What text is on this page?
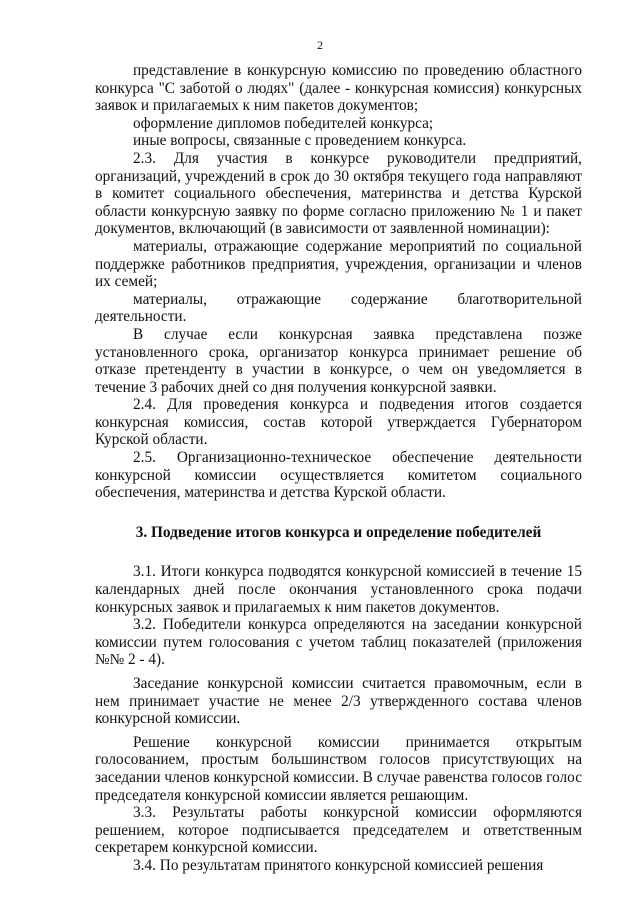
2

представление в конкурсную комиссию по проведению областного конкурса "С заботой о людях" (далее - конкурсная комиссия) конкурсных заявок и прилагаемых к ним пакетов документов;

оформление дипломов победителей конкурса;

иные вопросы, связанные с проведением конкурса.

2.3. Для участия в конкурсе руководители предприятий, организаций, учреждений в срок до 30 октября текущего года направляют в комитет социального обеспечения, материнства и детства Курской области конкурсную заявку по форме согласно приложению № 1 и пакет документов, включающий (в зависимости от заявленной номинации):

материалы, отражающие содержание мероприятий по социальной поддержке работников предприятия, учреждения, организации и членов их семей;

материалы, отражающие содержание благотворительной деятельности.

В случае если конкурсная заявка представлена позже установленного срока, организатор конкурса принимает решение об отказе претенденту в участии в конкурсе, о чем он уведомляется в течение 3 рабочих дней со дня получения конкурсной заявки.

2.4. Для проведения конкурса и подведения итогов создается конкурсная комиссия, состав которой утверждается Губернатором Курской области.

2.5. Организационно-техническое обеспечение деятельности конкурсной комиссии осуществляется комитетом социального обеспечения, материнства и детства Курской области.

3. Подведение итогов конкурса и определение победителей

3.1. Итоги конкурса подводятся конкурсной комиссией в течение 15 календарных дней после окончания установленного срока подачи конкурсных заявок и прилагаемых к ним пакетов документов.

3.2. Победители конкурса определяются на заседании конкурсной комиссии путем голосования с учетом таблиц показателей (приложения №№ 2 - 4).

Заседание конкурсной комиссии считается правомочным, если в нем принимает участие не менее 2/3 утвержденного состава членов конкурсной комиссии.

Решение конкурсной комиссии принимается открытым голосованием, простым большинством голосов присутствующих на заседании членов конкурсной комиссии. В случае равенства голосов голос председателя конкурсной комиссии является решающим.

3.3. Результаты работы конкурсной комиссии оформляются решением, которое подписывается председателем и ответственным секретарем конкурсной комиссии.

3.4. По результатам принятого конкурсной комиссией решения
